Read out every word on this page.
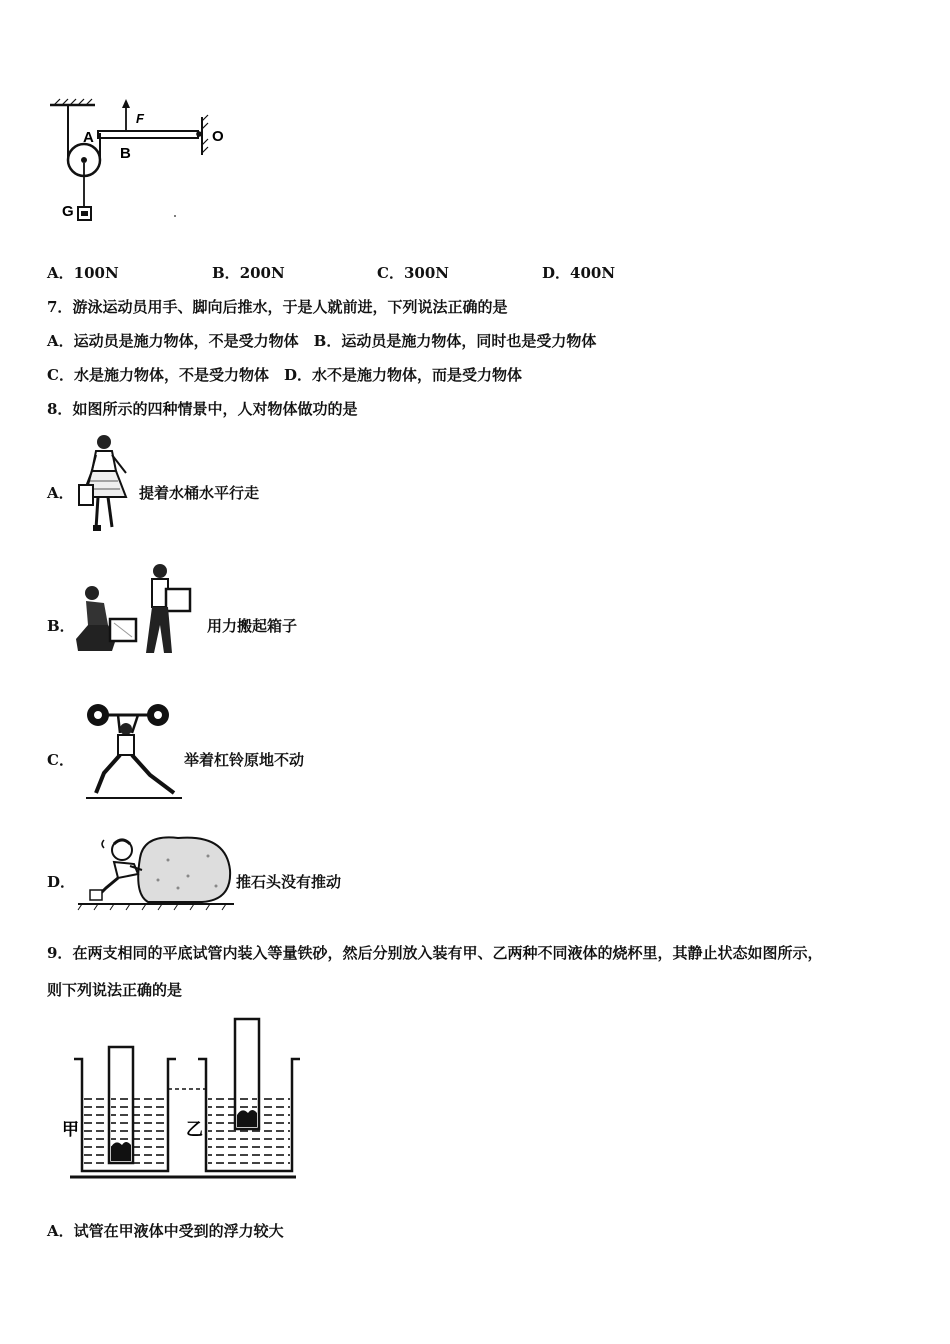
A
B
F
O
G
A．100N	B．200N	C．300N	D．400N
7．游泳运动员用手、脚向后推水，于是人就前进，下列说法正确的是
A．运动员是施力物体，不是受力物体　B．运动员是施力物体，同时也是受力物体
C．水是施力物体，不是受力物体　D．水不是施力物体，而是受力物体
8．如图所示的四种情景中，人对物体做功的是
A．	提着水桶水平行走
B．	用力搬起箱子
C．	举着杠铃原地不动
D．	推石头没有推动
9．在两支相同的平底试管内装入等量铁砂，然后分别放入装有甲、乙两种不同液体的烧杯里，其静止状态如图所示，
则下列说法正确的是
甲	乙
A．试管在甲液体中受到的浮力较大
